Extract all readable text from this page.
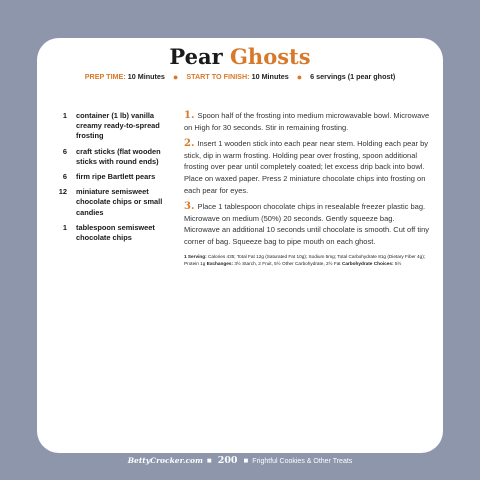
Pear Ghosts
PREP TIME: 10 Minutes ● START TO FINISH: 10 Minutes ● 6 servings (1 pear ghost)
1 container (1 lb) vanilla creamy ready-to-spread frosting
6 craft sticks (flat wooden sticks with round ends)
6 firm ripe Bartlett pears
12 miniature semisweet chocolate chips or small candies
1 tablespoon semisweet chocolate chips

1. Spoon half of the frosting into medium microwavable bowl. Microwave on High for 30 seconds. Stir in remaining frosting.

2. Insert 1 wooden stick into each pear near stem. Holding each pear by stick, dip in warm frosting. Holding pear over frosting, spoon additional frosting over pear until completely coated; let excess drip back into bowl. Place on waxed paper. Press 2 miniature chocolate chips into frosting on each pear for eyes.

3. Place 1 tablespoon chocolate chips in resealable freezer plastic bag. Microwave on medium (50%) 20 seconds. Gently squeeze bag. Microwave an additional 10 seconds until chocolate is smooth. Cut off tiny corner of bag. Squeeze bag to pipe mouth on each ghost.

1 Serving: Calories 435; Total Fat 12g (Saturated Fat 10g); Sodium 5mg; Total Carbohydrate 81g (Dietary Fiber 4g); Protein 1g Exchanges: 3½ Starch, 2 Fruit, 5½ Other Carbohydrate, 2½ Fat Carbohydrate Choices: 5½

BettyCrocker.com ■ 200 ■ Frightful Cookies & Other Treats
